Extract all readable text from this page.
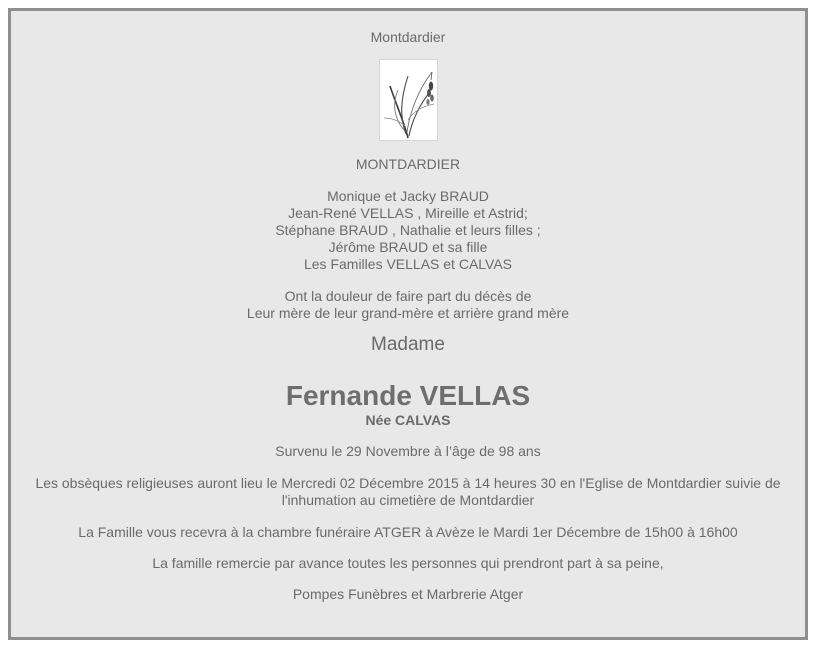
Montdardier
MONTDARDIER
Monique et Jacky BRAUD
Jean-René VELLAS , Mireille et Astrid;
Stéphane BRAUD , Nathalie et leurs filles ;
Jérôme BRAUD et sa fille
Les Familles VELLAS et CALVAS
Ont la douleur de faire part du décès de
Leur mère de leur grand-mère et arrière grand mère
Madame
Fernande VELLAS
Née CALVAS
Survenu le 29 Novembre à l’âge de 98 ans
Les obsèques religieuses auront lieu le Mercredi 02 Décembre 2015 à 14 heures 30 en l'Eglise de Montdardier suivie de l'inhumation au cimetière de Montdardier
La Famille vous recevra à la chambre funéraire ATGER à Avèze le Mardi 1er Décembre de 15h00 à 16h00
La famille remercie par avance toutes les personnes qui prendront part à sa peine,
Pompes Funèbres et Marbrerie Atger
